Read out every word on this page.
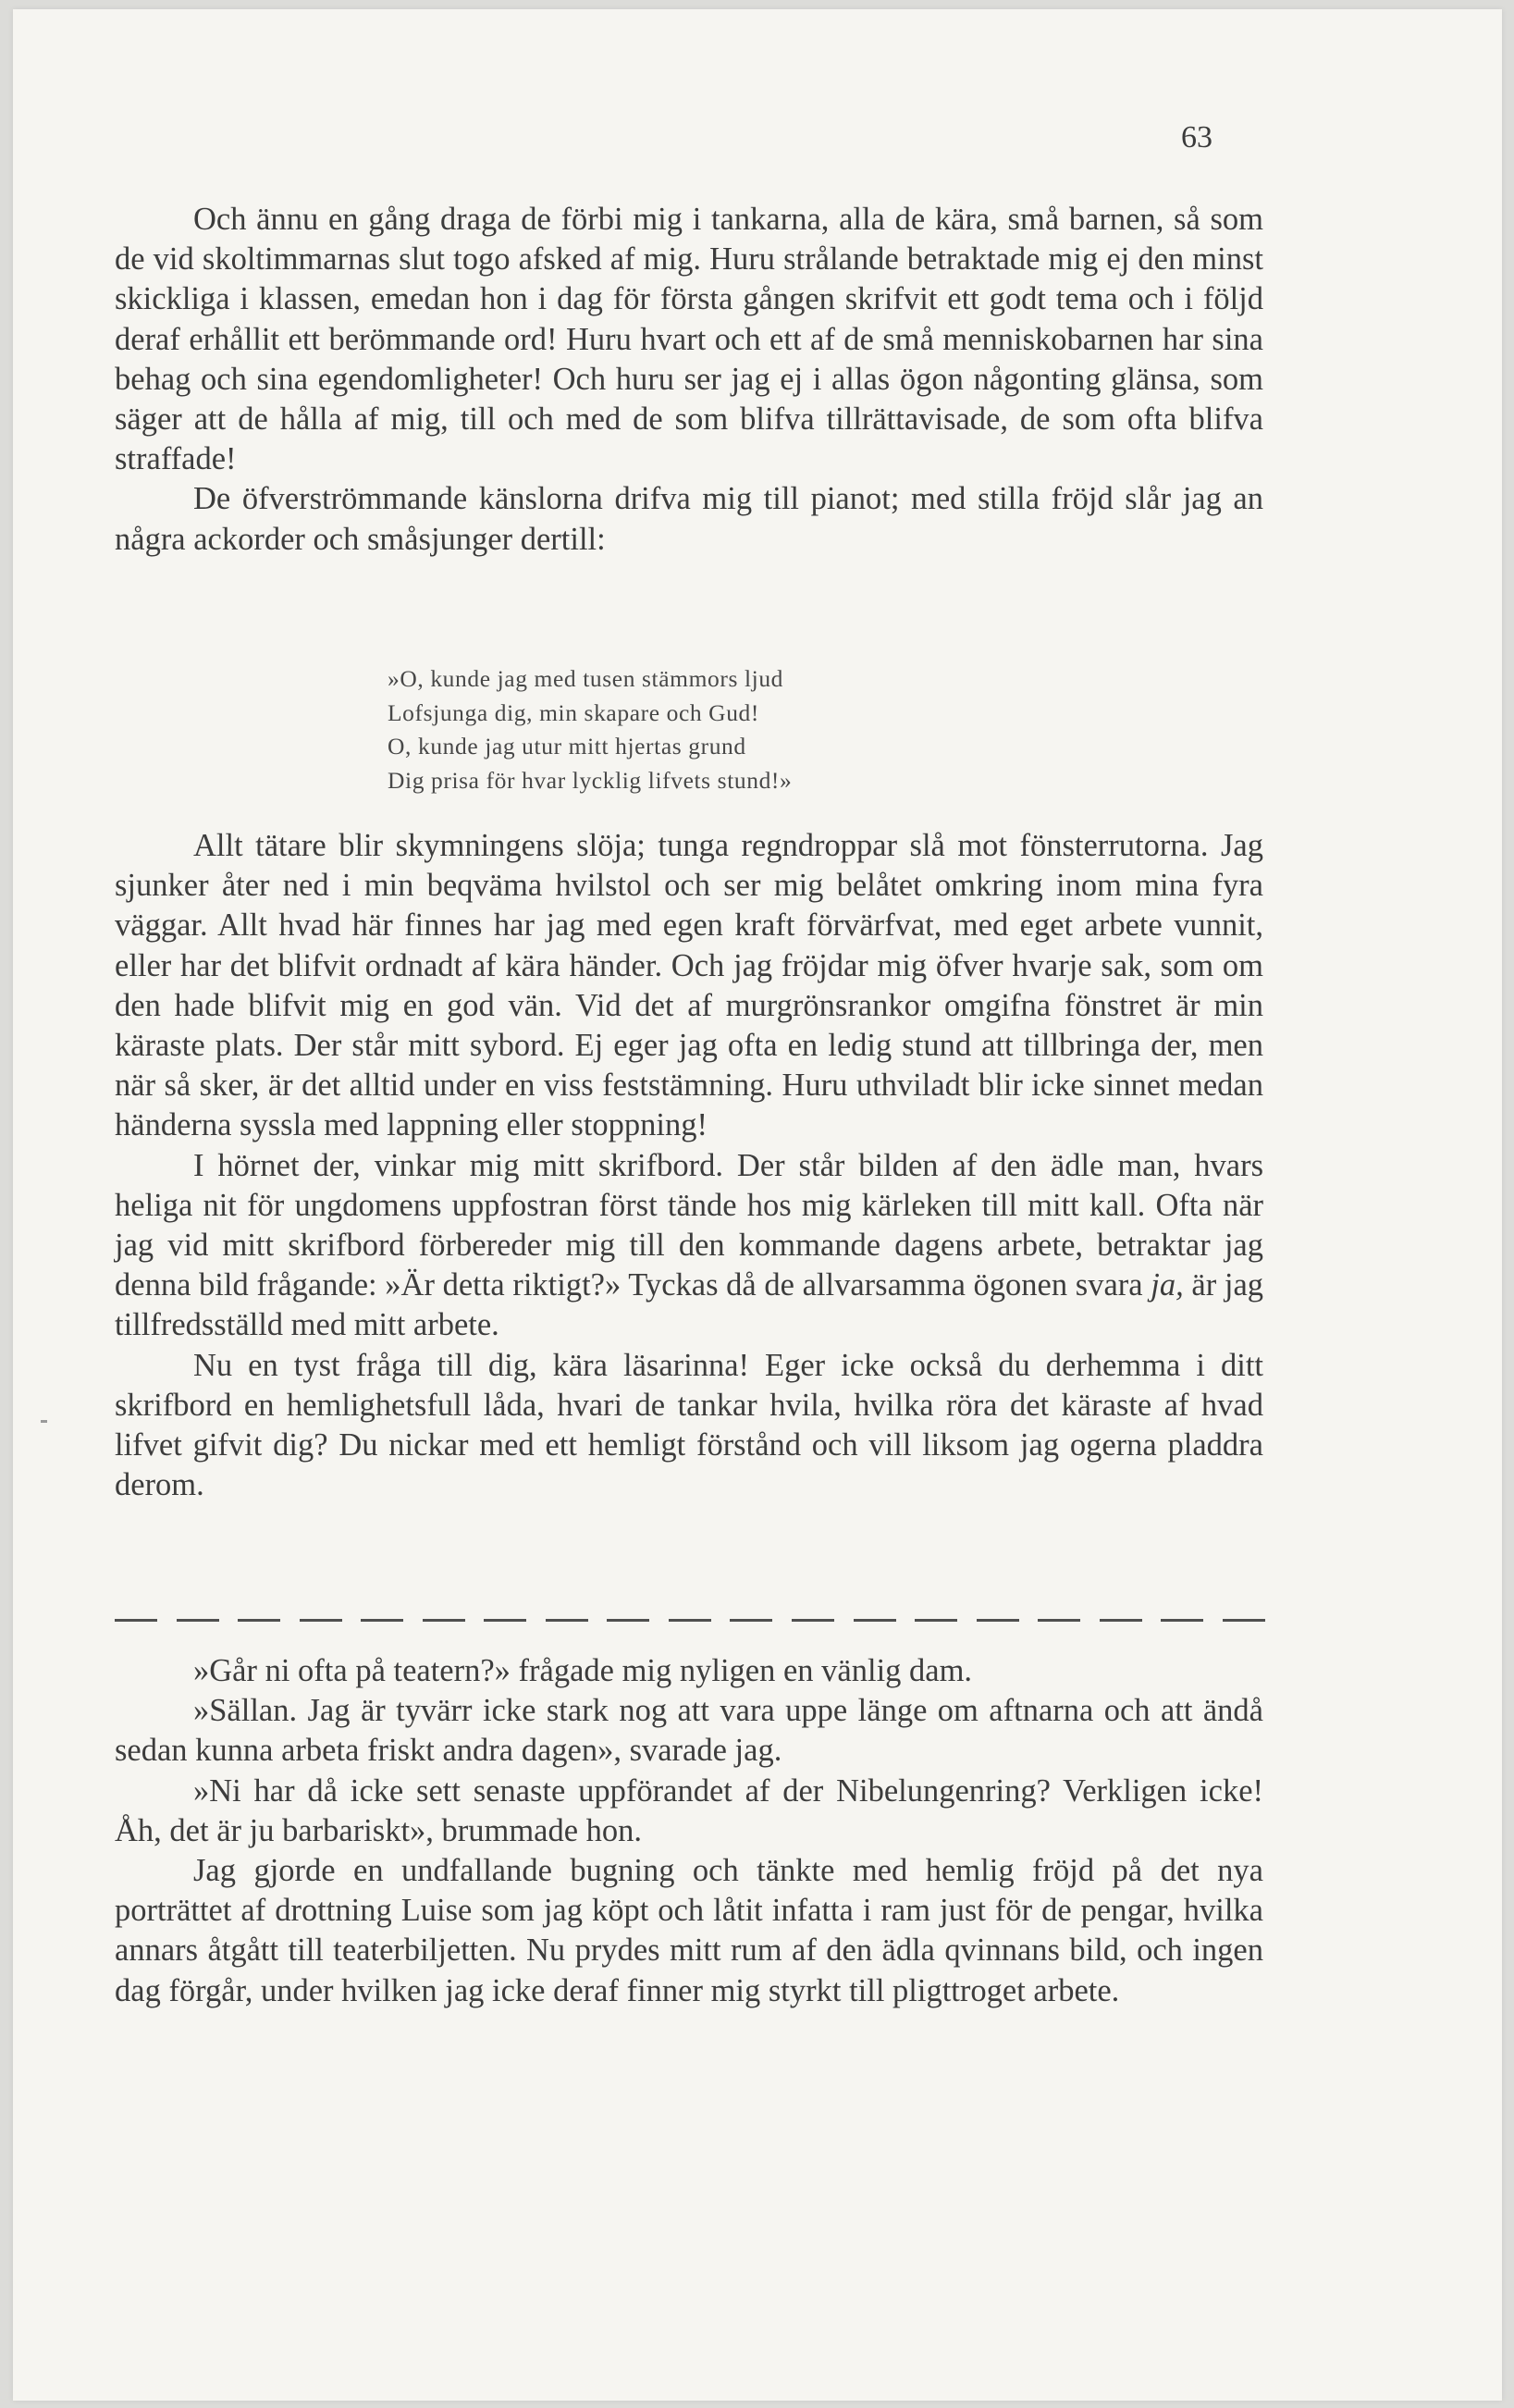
63

Och ännu en gång draga de förbi mig i tankarna, alla de kära, små barnen, så som de vid skoltimmarnas slut togo afsked af mig. Huru strålande betraktade mig ej den minst skickliga i klassen, emedan hon i dag för första gången skrifvit ett godt tema och i följd deraf erhållit ett berömmande ord! Huru hvart och ett af de små menniskobarnen har sina behag och sina egendomligheter! Och huru ser jag ej i allas ögon någonting glänsa, som säger att de hålla af mig, till och med de som blifva tillrättavisade, de som ofta blifva straffade!

De öfverströmmande känslorna drifva mig till pianot; med stilla fröjd slår jag an några ackorder och småsjunger dertill:

»O, kunde jag med tusen stämmors ljud
Lofsjunga dig, min skapare och Gud!
O, kunde jag utur mitt hjertas grund
Dig prisa för hvar lycklig lifvets stund!»

Allt tätare blir skymningens slöja; tunga regndroppar slå mot fönsterrutorna. Jag sjunker åter ned i min beqväma hvilstol och ser mig belåtet omkring inom mina fyra väggar. Allt hvad här finnes har jag med egen kraft förvärfvat, med eget arbete vunnit, eller har det blifvit ordnadt af kära händer. Och jag fröjdar mig öfver hvarje sak, som om den hade blifvit mig en god vän. Vid det af murgrönsrankor omgifna fönstret är min käraste plats. Der står mitt sybord. Ej eger jag ofta en ledig stund att tillbringa der, men när så sker, är det alltid under en viss feststämning. Huru uthviladt blir icke sinnet medan händerna syssla med lappning eller stoppning!

I hörnet der, vinkar mig mitt skrifbord. Der står bilden af den ädle man, hvars heliga nit för ungdomens uppfostran först tände hos mig kärleken till mitt kall. Ofta när jag vid mitt skrifbord förbereder mig till den kommande dagens arbete, betraktar jag denna bild frågande: »Är detta riktigt?» Tyckas då de allvarsamma ögonen svara ja, är jag tillfredsställd med mitt arbete.

Nu en tyst fråga till dig, kära läsarinna! Eger icke också du derhemma i ditt skrifbord en hemlighetsfull låda, hvari de tankar hvila, hvilka röra det käraste af hvad lifvet gifvit dig? Du nickar med ett hemligt förstånd och vill liksom jag ogerna pladdra derom.

»Går ni ofta på teatern?» frågade mig nyligen en vänlig dam.

»Sällan. Jag är tyvärr icke stark nog att vara uppe länge om aftnarna och att ändå sedan kunna arbeta friskt andra dagen», svarade jag.

»Ni har då icke sett senaste uppförandet af der Nibelungenring? Verkligen icke! Åh, det är ju barbariskt», brummade hon.

Jag gjorde en undfallande bugning och tänkte med hemlig fröjd på det nya porträttet af drottning Luise som jag köpt och låtit infatta i ram just för de pengar, hvilka annars åtgått till teaterbiljetten. Nu prydes mitt rum af den ädla qvinnans bild, och ingen dag förgår, under hvilken jag icke deraf finner mig styrkt till pligttroget arbete.
